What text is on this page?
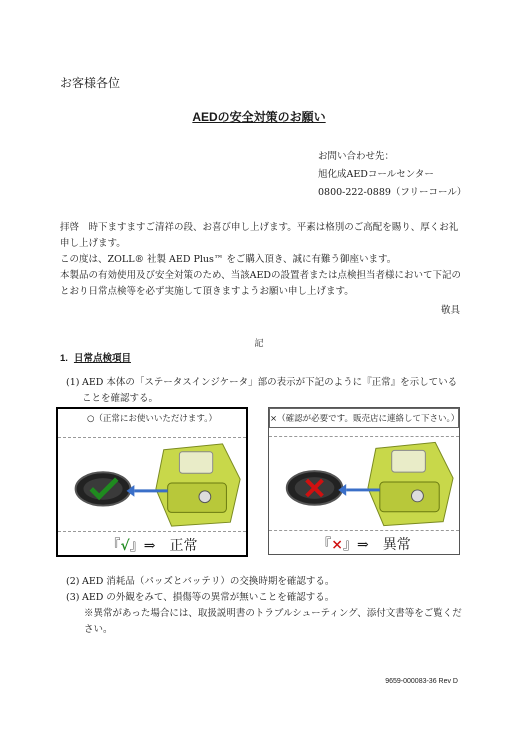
お客様各位
AEDの安全対策のお願い
お問い合わせ先：
旭化成AEDコールセンター
0800-222-0889（フリーコール）

拝啓　時下ますますご清祥の段、お喜び申し上げます。平素は格別のご高配を賜り、厚くお礼申し上げます。

この度は、ZOLL® 社製 AED Plus™ をご購入頂き、誠に有難う御座います。

本製品の有効使用及び安全対策のため、当該AEDの設置者または点検担当者様において下記のとおり日常点検等を必ず実施して頂きますようお願い申し上げます。

敬具
記
1. 日常点検項目
(1) AED 本体の「ステータスインジケータ」部の表示が下記のように『正常』を示していることを確認する。
○（正常にお使いいただけます。）
『√』⇒　正常
×（確認が必要です。販売店に連絡して下さい。）
『×』⇒　異常
(2) AED 消耗品（パッズとバッテリ）の交換時期を確認する。
(3) AED の外観をみて、損傷等の異常が無いことを確認する。
※異常があった場合には、取扱説明書のトラブルシューティング、添付文書等をご覧ください。
9659-000083-36 Rev D
